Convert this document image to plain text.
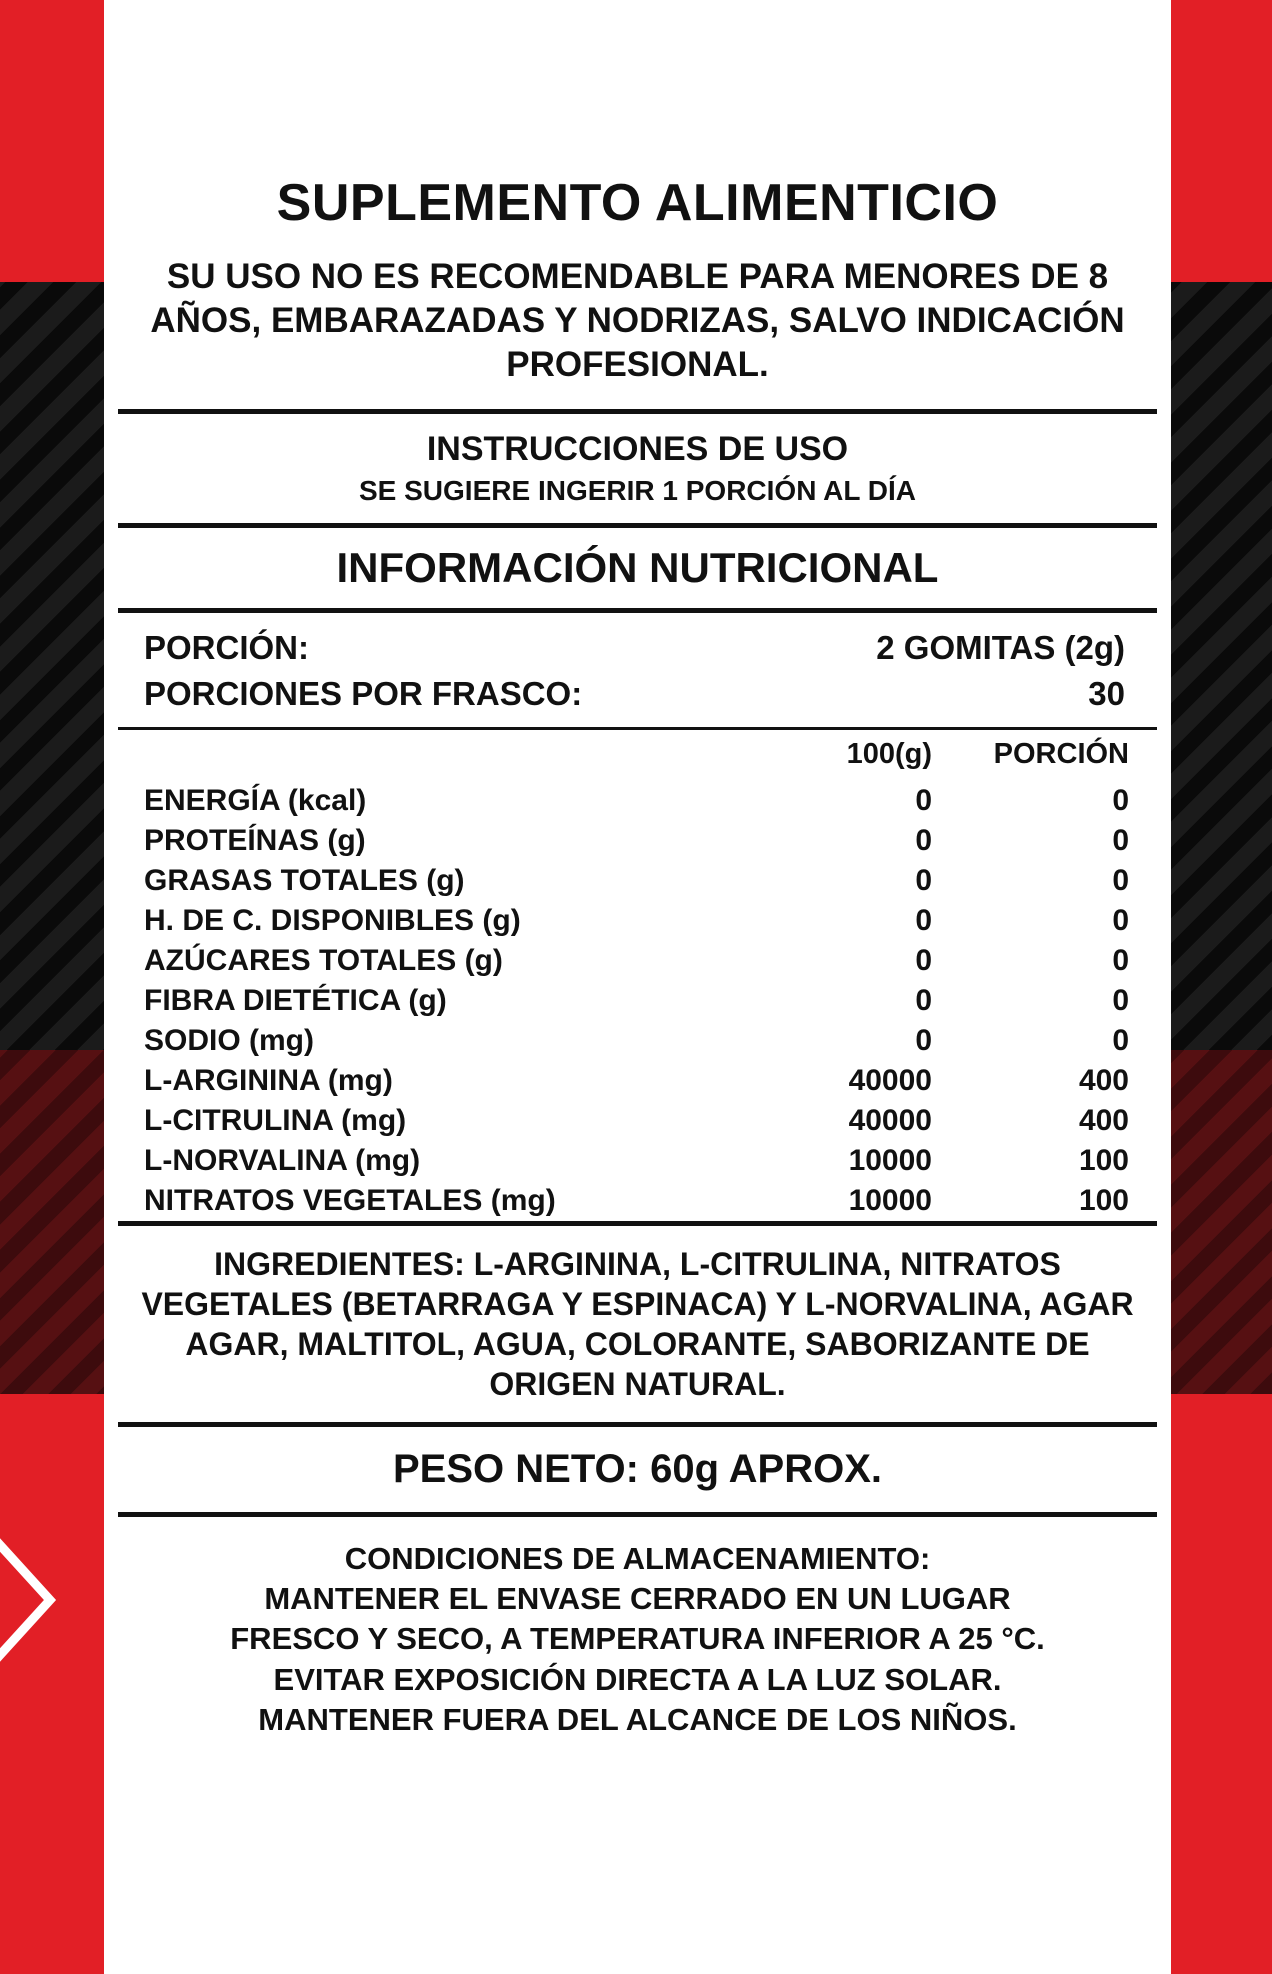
SUPLEMENTO ALIMENTICIO
SU USO NO ES RECOMENDABLE PARA MENORES DE 8 AÑOS, EMBARAZADAS Y NODRIZAS, SALVO INDICACIÓN PROFESIONAL.
INSTRUCCIONES DE USO
SE SUGIERE INGERIR 1 PORCIÓN AL DÍA
INFORMACIÓN NUTRICIONAL
PORCIÓN:	2 GOMITAS (2g)
PORCIONES POR FRASCO:	30
	100(g)	PORCIÓN
ENERGÍA (kcal)	0	0
PROTEÍNAS (g)	0	0
GRASAS TOTALES (g)	0	0
H. DE C. DISPONIBLES (g)	0	0
AZÚCARES TOTALES (g)	0	0
FIBRA DIETÉTICA (g)	0	0
SODIO (mg)	0	0
L-ARGININA (mg)	40000	400
L-CITRULINA (mg)	40000	400
L-NORVALINA (mg)	10000	100
NITRATOS VEGETALES (mg)	10000	100
INGREDIENTES: L-ARGININA, L-CITRULINA, NITRATOS VEGETALES (BETARRAGA Y ESPINACA) Y L-NORVALINA, AGAR AGAR, MALTITOL, AGUA, COLORANTE, SABORIZANTE DE ORIGEN NATURAL.
PESO NETO: 60g APROX.
CONDICIONES DE ALMACENAMIENTO:
MANTENER EL ENVASE CERRADO EN UN LUGAR
FRESCO Y SECO, A TEMPERATURA INFERIOR A 25 °C.
EVITAR EXPOSICIÓN DIRECTA A LA LUZ SOLAR.
MANTENER FUERA DEL ALCANCE DE LOS NIÑOS.
